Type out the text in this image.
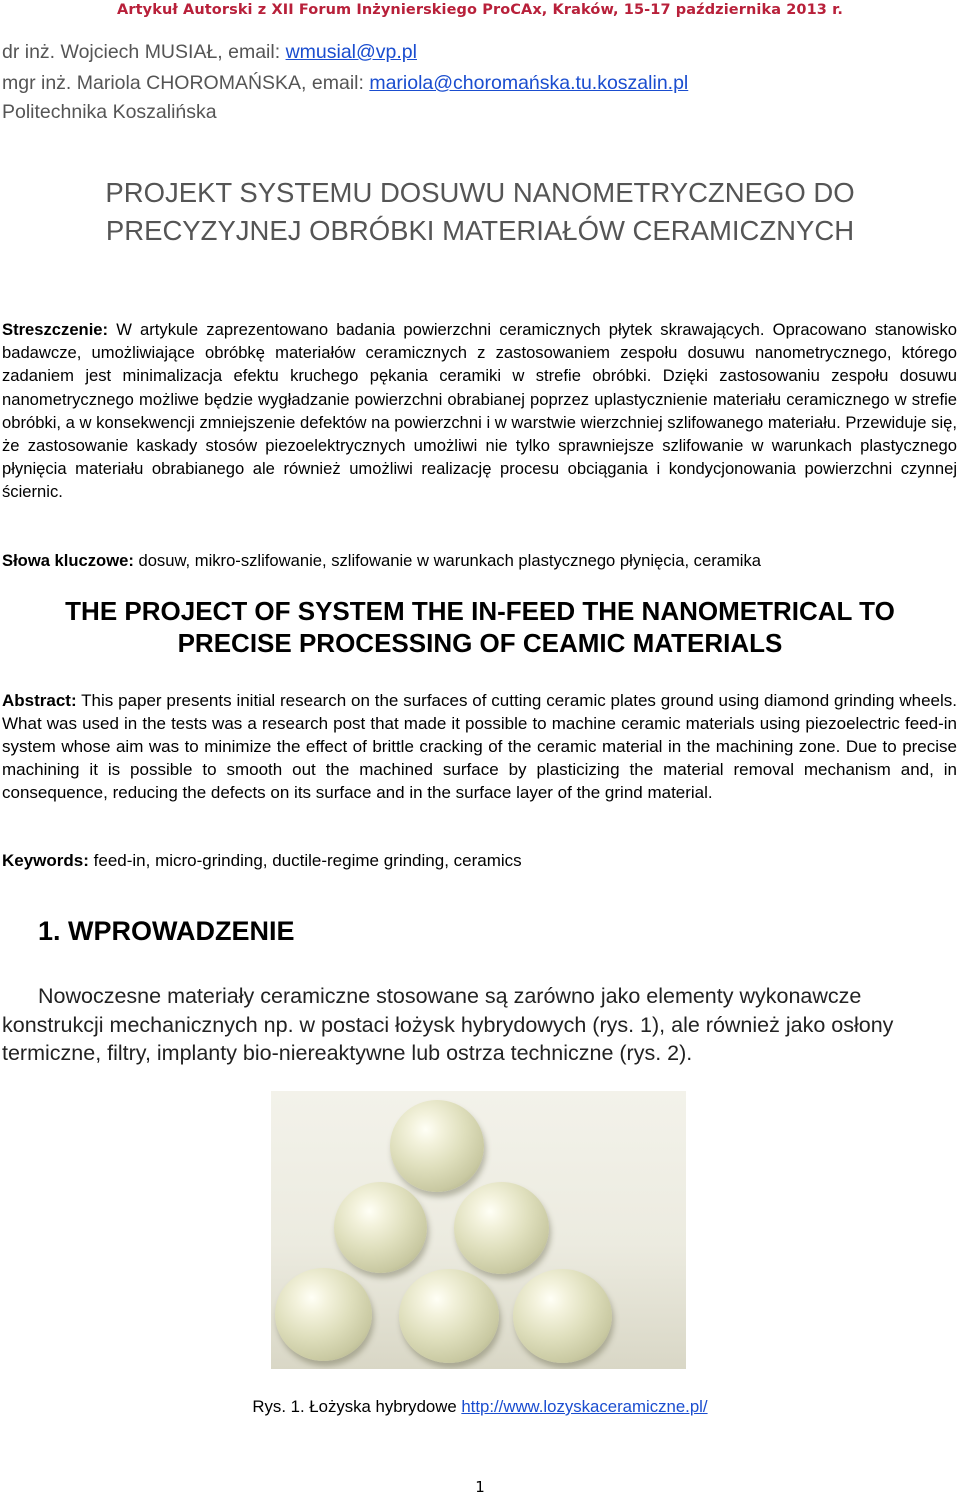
Artykuł Autorski z XII Forum Inżynierskiego ProCAx, Kraków, 15-17 października 2013 r.
dr inż. Wojciech MUSIAŁ, email: wmusial@vp.pl
mgr inż. Mariola CHOROMAŃSKA, email: mariola@choromańska.tu.koszalin.pl
Politechnika Koszalińska
PROJEKT SYSTEMU DOSUWU NANOMETRYCZNEGO DO
PRECYZYJNEJ OBRÓBKI MATERIAŁÓW CERAMICZNYCH
Streszczenie: W artykule zaprezentowano badania powierzchni ceramicznych płytek skrawających. Opracowano stanowisko badawcze, umożliwiające obróbkę materiałów ceramicznych z zastosowaniem zespołu dosuwu nanometrycznego, którego zadaniem jest minimalizacja efektu kruchego pękania ceramiki w strefie obróbki. Dzięki zastosowaniu zespołu dosuwu nanometrycznego możliwe będzie wygładzanie powierzchni obrabianej poprzez uplastycznienie materiału ceramicznego w strefie obróbki, a w konsekwencji zmniejszenie defektów na powierzchni i w warstwie wierzchniej szlifowanego materiału. Przewiduje się, że zastosowanie kaskady stosów piezoelektrycznych umożliwi nie tylko sprawniejsze szlifowanie w warunkach plastycznego płynięcia materiału obrabianego ale również umożliwi realizację procesu obciągania i kondycjonowania powierzchni czynnej ściernic.
Słowa kluczowe: dosuw, mikro-szlifowanie, szlifowanie w warunkach plastycznego płynięcia, ceramika
THE PROJECT OF SYSTEM THE IN-FEED THE NANOMETRICAL TO
PRECISE PROCESSING OF CEAMIC MATERIALS
Abstract: This paper presents initial research on the surfaces of cutting ceramic plates ground using diamond grinding wheels. What was used in the tests was a research post that made it possible to machine ceramic materials using piezoelectric feed-in system whose aim was to minimize the effect of brittle cracking of the ceramic material in the machining zone. Due to precise machining it is possible to smooth out the machined surface by plasticizing the material removal mechanism and, in consequence, reducing the defects on its surface and in the surface layer of the grind material.
Keywords: feed-in, micro-grinding, ductile-regime grinding, ceramics
1. WPROWADZENIE
Nowoczesne materiały ceramiczne stosowane są zarówno jako elementy wykonawcze konstrukcji mechanicznych np. w postaci łożysk hybrydowych (rys. 1), ale również jako osłony termiczne, filtry, implanty bio-niereaktywne lub ostrza techniczne (rys. 2).
Rys. 1. Łożyska hybrydowe http://www.lozyskaceramiczne.pl/
1
